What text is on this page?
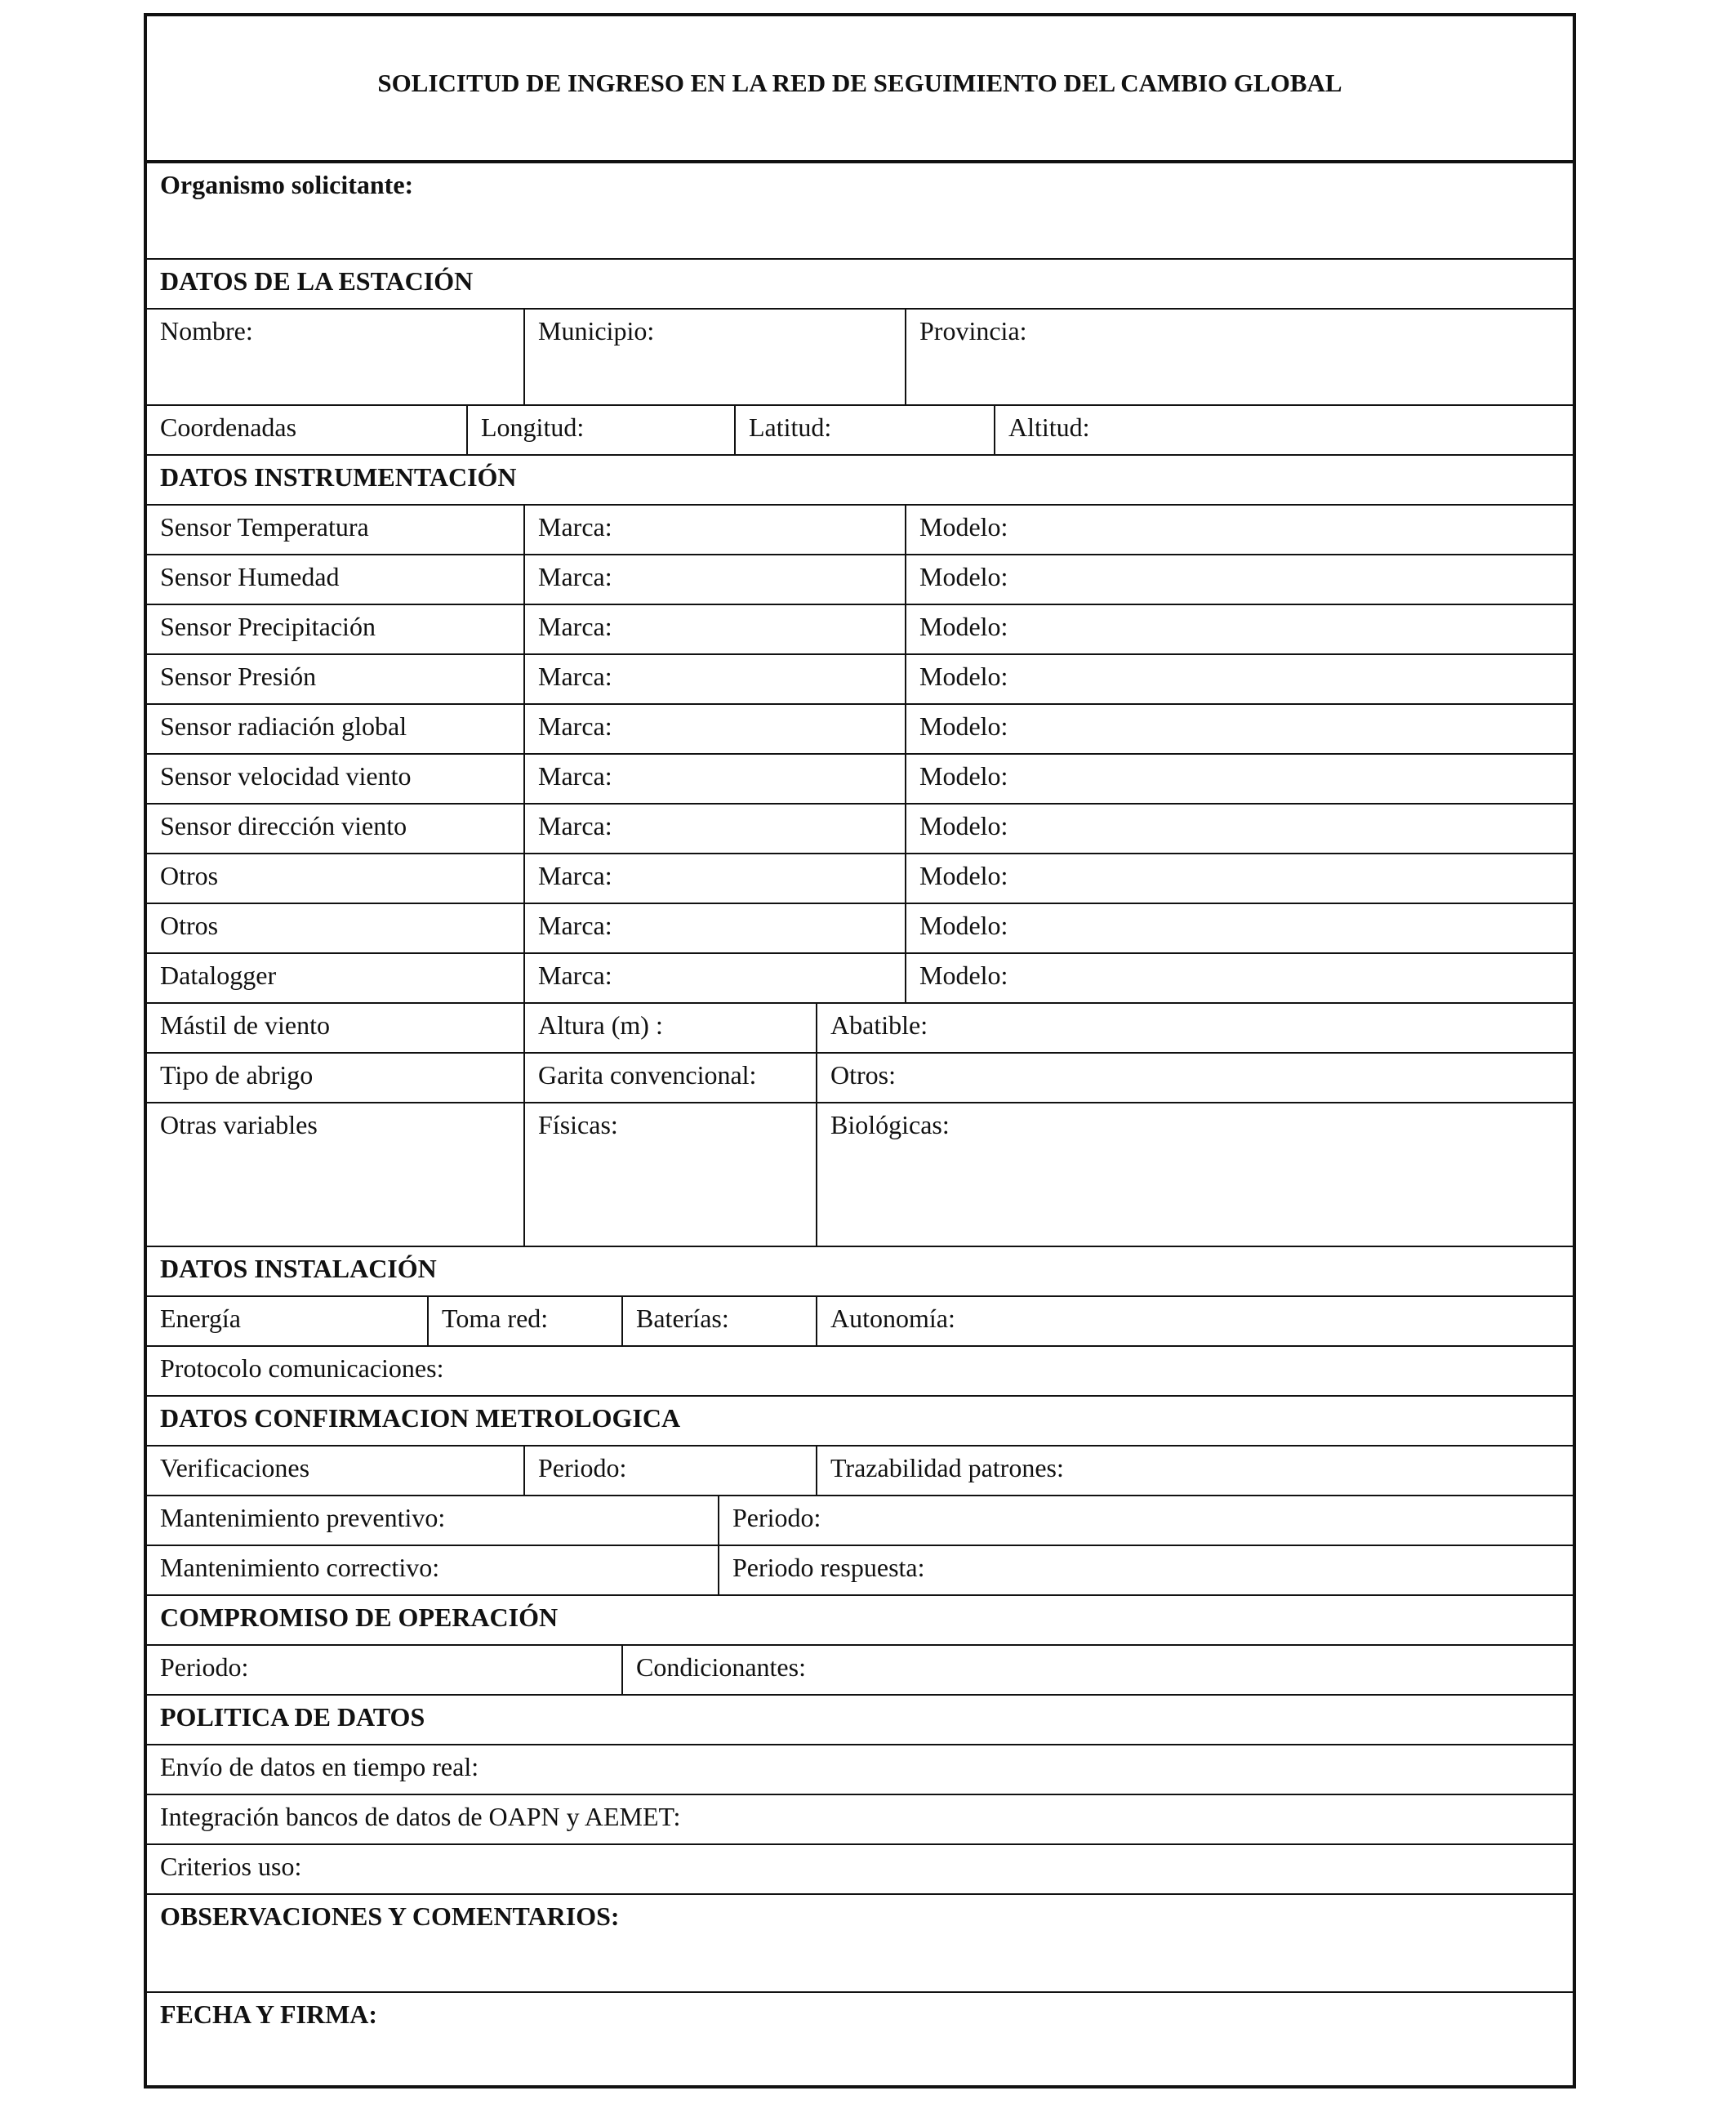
SOLICITUD DE INGRESO EN LA RED DE SEGUIMIENTO DEL CAMBIO GLOBAL
Organismo solicitante:
DATOS DE LA ESTACIÓN
Nombre:	Municipio:	Provincia:
Coordenadas	Longitud:	Latitud:	Altitud:
DATOS INSTRUMENTACIÓN
Sensor Temperatura	Marca:	Modelo:
Sensor Humedad	Marca:	Modelo:
Sensor Precipitación	Marca:	Modelo:
Sensor Presión	Marca:	Modelo:
Sensor radiación global	Marca:	Modelo:
Sensor velocidad viento	Marca:	Modelo:
Sensor dirección viento	Marca:	Modelo:
Otros	Marca:	Modelo:
Otros	Marca:	Modelo:
Datalogger	Marca:	Modelo:
Mástil de viento	Altura (m) :	Abatible:
Tipo de abrigo	Garita convencional:	Otros:
Otras variables	Físicas:	Biológicas:
DATOS INSTALACIÓN
Energía	Toma red:	Baterías:	Autonomía:
Protocolo comunicaciones:
DATOS CONFIRMACION METROLOGICA
Verificaciones	Periodo:	Trazabilidad patrones:
Mantenimiento preventivo:	Periodo:
Mantenimiento correctivo:	Periodo respuesta:
COMPROMISO DE OPERACIÓN
Periodo:	Condicionantes:
POLITICA DE DATOS
Envío de datos en tiempo real:
Integración bancos de datos de OAPN y AEMET:
Criterios uso:
OBSERVACIONES Y COMENTARIOS:
FECHA Y FIRMA:
